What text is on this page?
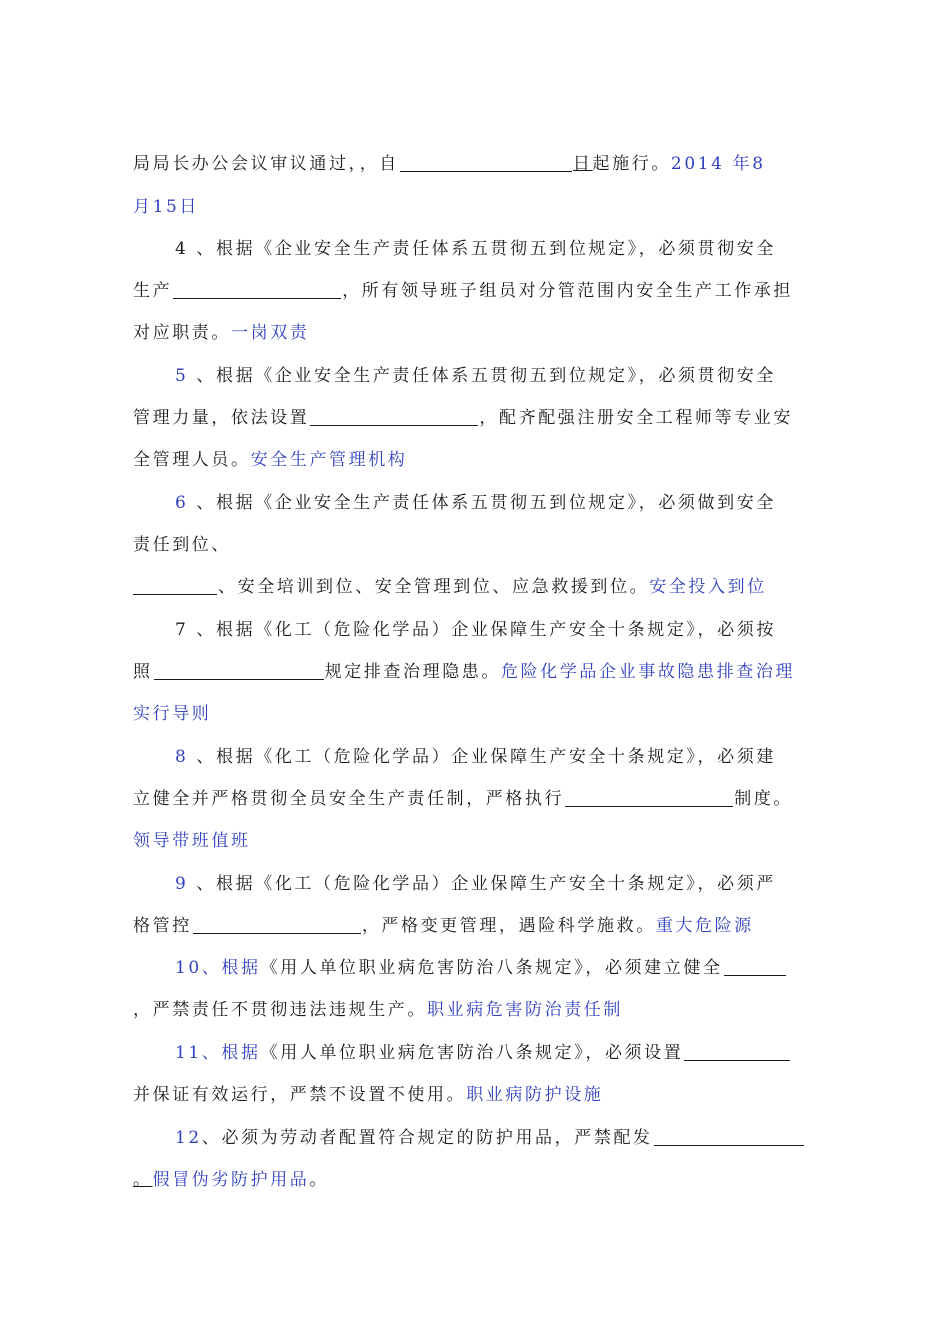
局局长办公会议审议通过，，自	日起施行。2014 年8
月15日
4 、根据《企业安全生产责任体系五贯彻五到位规定》，必须贯彻安全
生产	，所有领导班子组员对分管范围内安全生产工作承担
对应职责。一岗双责
5 、根据《企业安全生产责任体系五贯彻五到位规定》，必须贯彻安全
管理力量，依法设置	，配齐配强注册安全工程师等专业安
全管理人员。安全生产管理机构
6 、根据《企业安全生产责任体系五贯彻五到位规定》，必须做到安全
责任到位、
、安全培训到位、安全管理到位、应急救援到位。安全投入到位
7 、根据《化工（危险化学品）企业保障生产安全十条规定》，必须按
照	规定排查治理隐患。危险化学品企业事故隐患排查治理
实行导则
8 、根据《化工（危险化学品）企业保障生产安全十条规定》，必须建
立健全并严格贯彻全员安全生产责任制，严格执行	制度。
领导带班值班
9 、根据《化工（危险化学品）企业保障生产安全十条规定》，必须严
格管控	，严格变更管理，遇险科学施救。重大危险源
10、根据《用人单位职业病危害防治八条规定》，必须建立健全
，严禁责任不贯彻违法违规生产。职业病危害防治责任制
11、根据《用人单位职业病危害防治八条规定》，必须设置
并保证有效运行，严禁不设置不使用。职业病防护设施
12、必须为劳动者配置符合规定的防护用品，严禁配发
。假冒伪劣防护用品。
